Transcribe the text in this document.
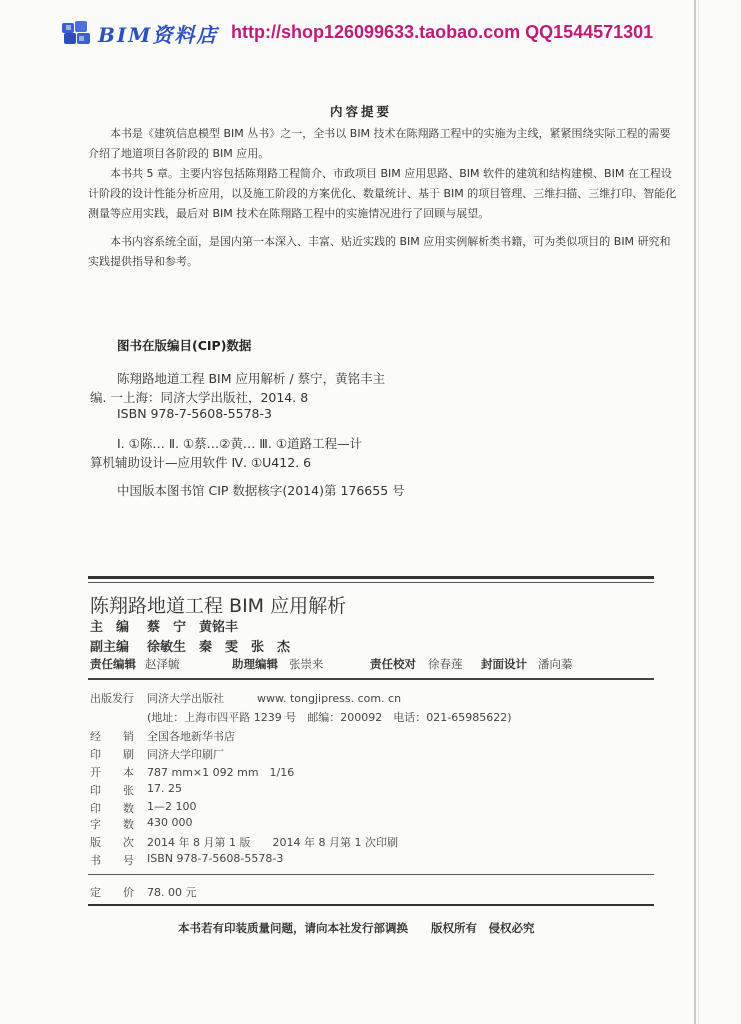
BIM资料店 http://shop126099633.taobao.com QQ1544571301
内容提要
本书是《建筑信息模型 BIM 丛书》之一，全书以 BIM 技术在陈翔路工程中的实施为主线，紧紧围绕实际工程的需要介绍了地道项目各阶段的 BIM 应用。
本书共 5 章。主要内容包括陈翔路工程简介、市政项目 BIM 应用思路、BIM 软件的建筑和结构建模、BIM 在工程设计阶段的设计性能分析应用，以及施工阶段的方案优化、数量统计、基于 BIM 的项目管理、三维扫描、三维打印、智能化测量等应用实践，最后对 BIM 技术在陈翔路工程中的实施情况进行了回顾与展望。
本书内容系统全面，是国内第一本深入、丰富、贴近实践的 BIM 应用实例解析类书籍，可为类似项目的 BIM 研究和实践提供指导和参考。
图书在版编目(CIP)数据
陈翔路地道工程 BIM 应用解析 / 蔡宁，黄铭丰主
编. 一上海：同济大学出版社，2014. 8
ISBN 978-7-5608-5578-3
Ⅰ. ①陈… Ⅱ. ①蔡…②黄… Ⅲ. ①道路工程—计
算机辅助设计—应用软件 Ⅳ. ①U412. 6
中国版本图书馆 CIP 数据核字(2014)第 176655 号
陈翔路地道工程 BIM 应用解析
主　编 蔡　宁　黄铭丰
副主编 徐敏生　秦　雯　张　杰
责任编辑 赵泽毓	助理编辑 张崇来	责任校对 徐春莲 封面设计 潘向蓁
出版发行 同济大学出版社　　　www. tongjipress. com. cn
(地址：上海市四平路 1239 号　邮编：200092　电话：021-65985622)
经　　销 全国各地新华书店
印　　刷 同济大学印刷厂
开　　本 787 mm×1 092 mm　1/16
印　　张 17. 25
印　　数 1—2 100
字　　数 430 000
版　　次 2014 年 8 月第 1 版　　2014 年 8 月第 1 次印刷
书　　号 ISBN 978-7-5608-5578-3
定　　价 78. 00 元
本书若有印装质量问题，请向本社发行部调换　　版权所有　侵权必究
